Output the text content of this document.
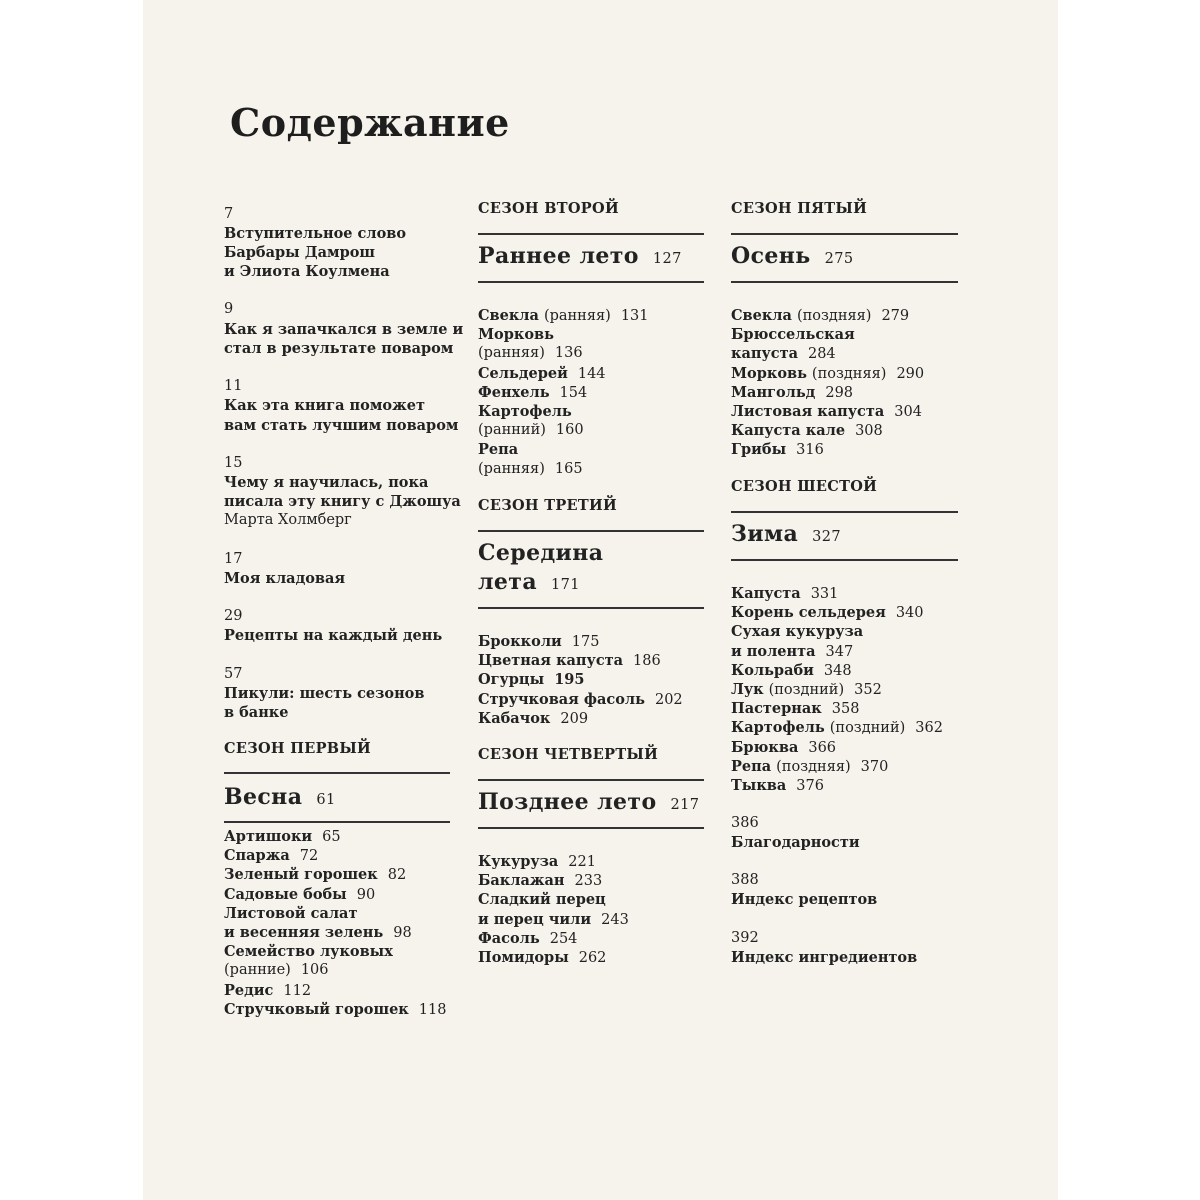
Содержание
7
Вступительное слово
Барбары Дамрош
и Элиота Коулмена
9
Как я запачкался в земле и
стал в результате поваром
11
Как эта книга поможет
вам стать лучшим поваром
15
Чему я научилась, пока
писала эту книгу с Джошуа
Марта Холмберг
17
Моя кладовая
29
Рецепты на каждый день
57
Пикули: шесть сезонов
в банке
СЕЗОН ПЕРВЫЙ
Весна 61
Артишоки 65
Спаржа 72
Зеленый горошек 82
Садовые бобы 90
Листовой салат
и весенняя зелень 98
Семейство луковых
(ранние) 106
Редис 112
Стручковый горошек 118
СЕЗОН ВТОРОЙ
Раннее лето 127
Свекла (ранняя) 131
Морковь
(ранняя) 136
Сельдерей 144
Фенхель 154
Картофель
(ранний) 160
Репа
(ранняя) 165
СЕЗОН ТРЕТИЙ
Середина
лета 171
Брокколи 175
Цветная капуста 186
Огурцы 195
Стручковая фасоль 202
Кабачок 209
СЕЗОН ЧЕТВЕРТЫЙ
Позднее лето 217
Кукуруза 221
Баклажан 233
Сладкий перец
и перец чили 243
Фасоль 254
Помидоры 262
СЕЗОН ПЯТЫЙ
Осень 275
Свекла (поздняя) 279
Брюссельская
капуста 284
Морковь (поздняя) 290
Мангольд 298
Листовая капуста 304
Капуста кале 308
Грибы 316
СЕЗОН ШЕСТОЙ
Зима 327
Капуста 331
Корень сельдерея 340
Сухая кукуруза
и полента 347
Кольраби 348
Лук (поздний) 352
Пастернак 358
Картофель (поздний) 362
Брюква 366
Репа (поздняя) 370
Тыква 376
386
Благодарности
388
Индекс рецептов
392
Индекс ингредиентов
